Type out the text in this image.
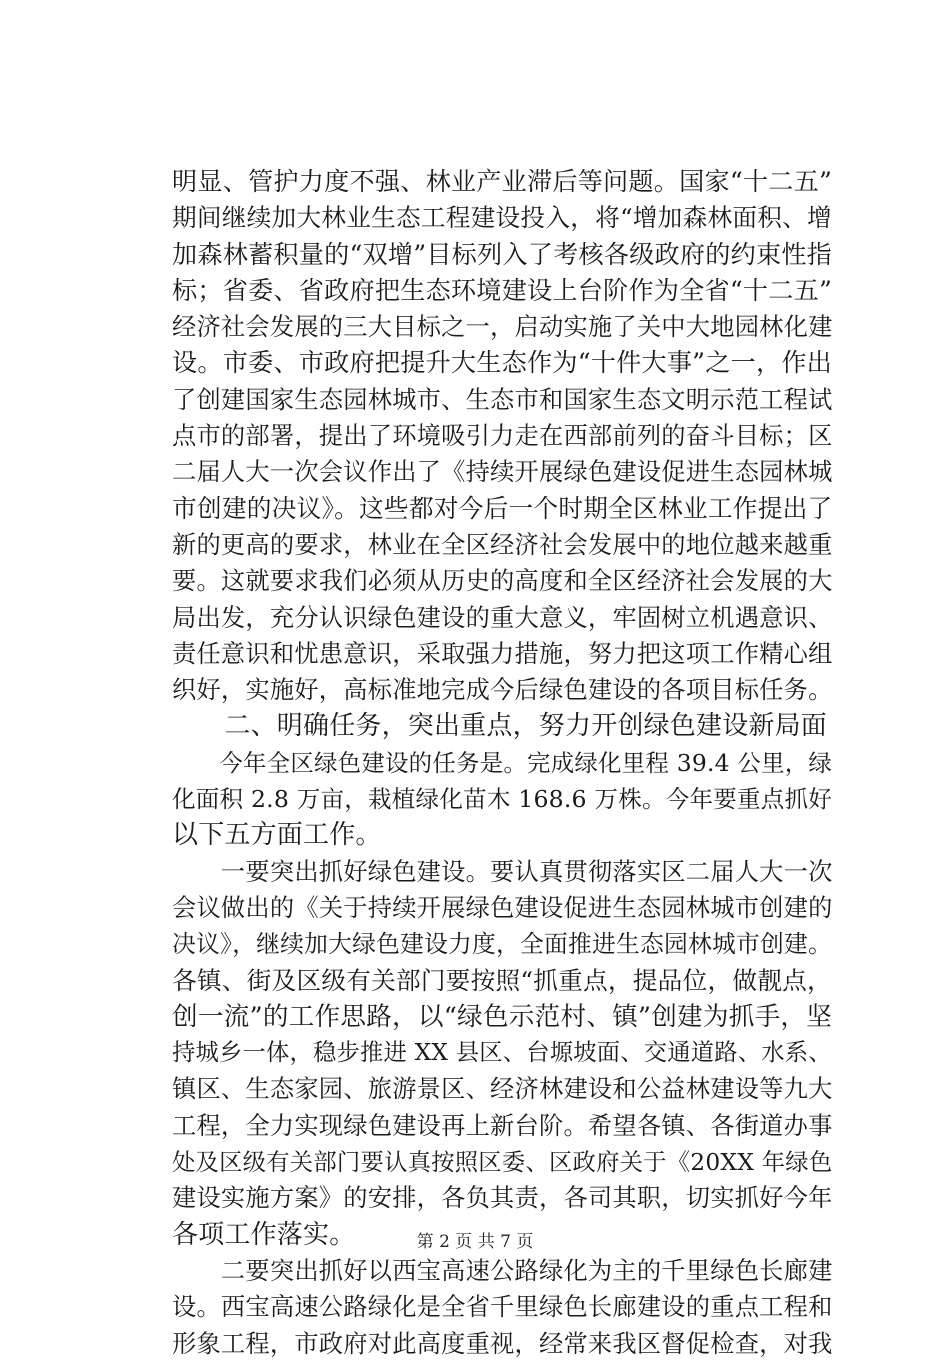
明显、管护力度不强、林业产业滞后等问题。国家“十二五”
期间继续加大林业生态工程建设投入，将“增加森林面积、增
加森林蓄积量的“双增”目标列入了考核各级政府的约束性指
标；省委、省政府把生态环境建设上台阶作为全省“十二五”
经济社会发展的三大目标之一，启动实施了关中大地园林化建
设。市委、市政府把提升大生态作为“十件大事”之一，作出
了创建国家生态园林城市、生态市和国家生态文明示范工程试
点市的部署，提出了环境吸引力走在西部前列的奋斗目标；区
二届人大一次会议作出了《持续开展绿色建设促进生态园林城
市创建的决议》。这些都对今后一个时期全区林业工作提出了
新的更高的要求，林业在全区经济社会发展中的地位越来越重
要。这就要求我们必须从历史的高度和全区经济社会发展的大
局出发，充分认识绿色建设的重大意义，牢固树立机遇意识、
责任意识和忧患意识，采取强力措施，努力把这项工作精心组
织好，实施好，高标准地完成今后绿色建设的各项目标任务。
　　二、明确任务，突出重点，努力开创绿色建设新局面
　　今年全区绿色建设的任务是。完成绿化里程 39.4 公里，绿
化面积 2.8 万亩，栽植绿化苗木 168.6 万株。今年要重点抓好
以下五方面工作。
　　一要突出抓好绿色建设。要认真贯彻落实区二届人大一次
会议做出的《关于持续开展绿色建设促进生态园林城市创建的
决议》，继续加大绿色建设力度，全面推进生态园林城市创建。
各镇、街及区级有关部门要按照“抓重点，提品位，做靓点，
创一流”的工作思路，以“绿色示范村、镇”创建为抓手，坚
持城乡一体，稳步推进 XX 县区、台塬坡面、交通道路、水系、
镇区、生态家园、旅游景区、经济林建设和公益林建设等九大
工程，全力实现绿色建设再上新台阶。希望各镇、各街道办事
处及区级有关部门要认真按照区委、区政府关于《20XX 年绿色
建设实施方案》的安排，各负其责，各司其职，切实抓好今年
各项工作落实。
　　二要突出抓好以西宝高速公路绿化为主的千里绿色长廊建
设。西宝高速公路绿化是全省千里绿色长廊建设的重点工程和
形象工程，市政府对此高度重视，经常来我区督促检查，对我
第 2 页 共 7 页
